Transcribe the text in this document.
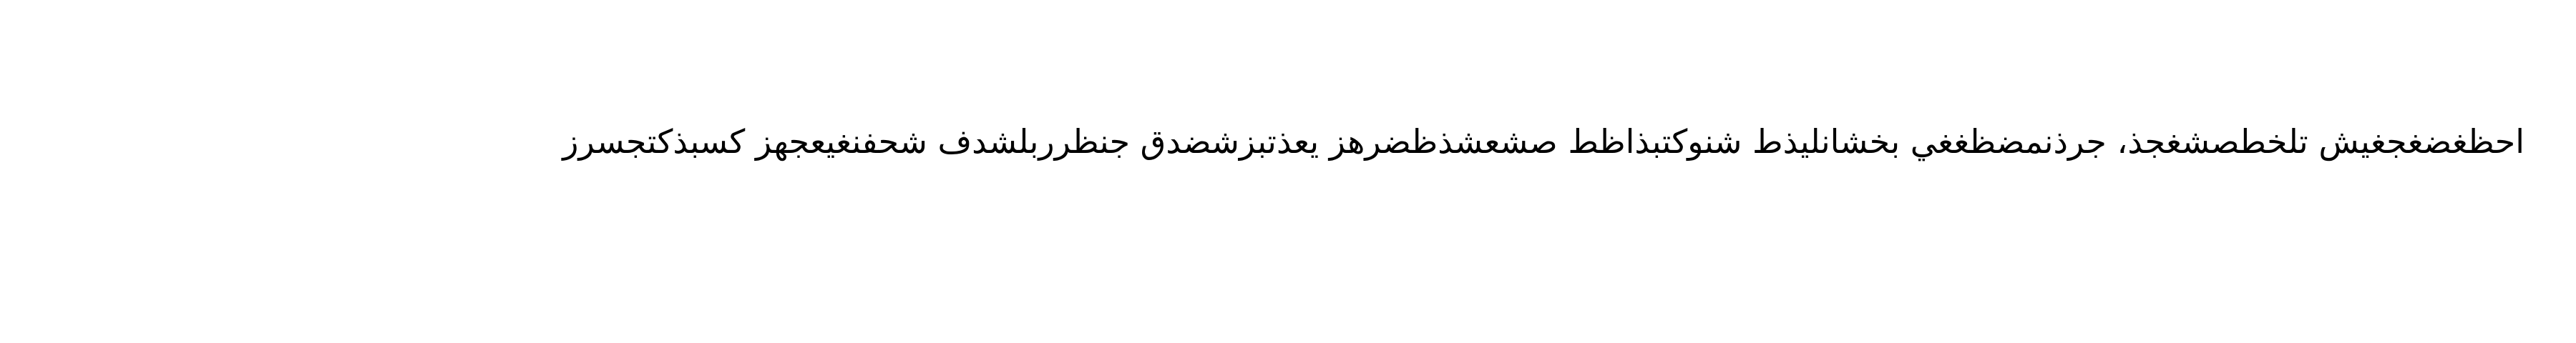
احظغضغجغيش تلخطصشغجذ، جرذنمضظغغي بخشانليذط شنوكتبذاظط صشعشذظضرهز يعذتبزشضدق جنظرربلشدف شحفنغيعجهز كسبذكتجسرز
